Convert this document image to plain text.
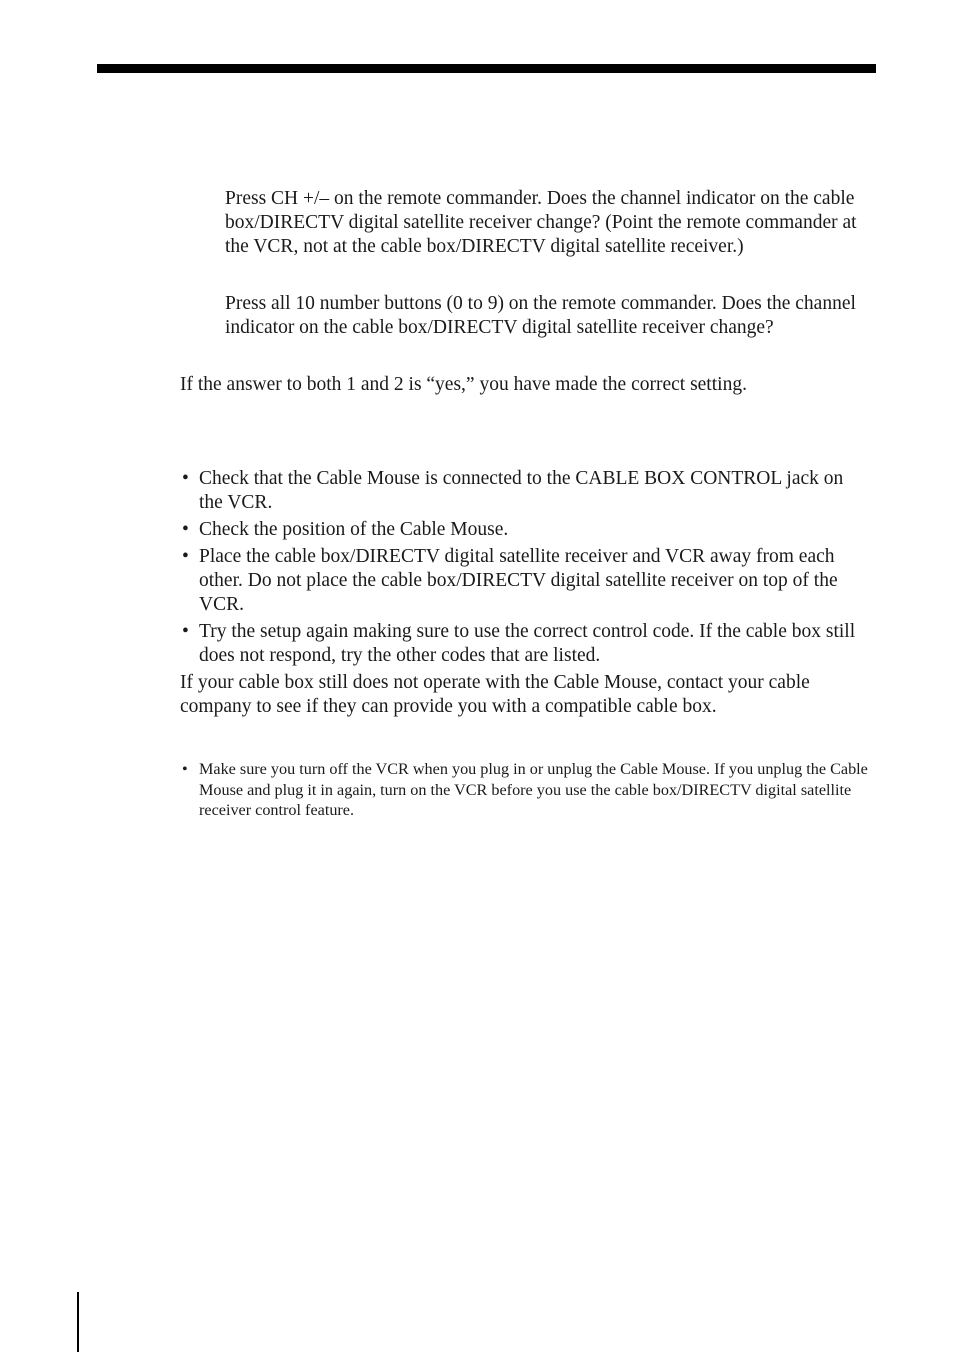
Press CH +/– on the remote commander. Does the channel indicator on the cable box/DIRECTV digital satellite receiver change? (Point the remote commander at the VCR, not at the cable box/DIRECTV digital satellite receiver.)

Press all 10 number buttons (0 to 9) on the remote commander. Does the channel indicator on the cable box/DIRECTV digital satellite receiver change?

If the answer to both 1 and 2 is “yes,” you have made the correct setting.

• Check that the Cable Mouse is connected to the CABLE BOX CONTROL jack on the VCR.
• Check the position of the Cable Mouse.
• Place the cable box/DIRECTV digital satellite receiver and VCR away from each other. Do not place the cable box/DIRECTV digital satellite receiver on top of the VCR.
• Try the setup again making sure to use the correct control code. If the cable box still does not respond, try the other codes that are listed.

If your cable box still does not operate with the Cable Mouse, contact your cable company to see if they can provide you with a compatible cable box.

• Make sure you turn off the VCR when you plug in or unplug the Cable Mouse. If you unplug the Cable Mouse and plug it in again, turn on the VCR before you use the cable box/DIRECTV digital satellite receiver control feature.
